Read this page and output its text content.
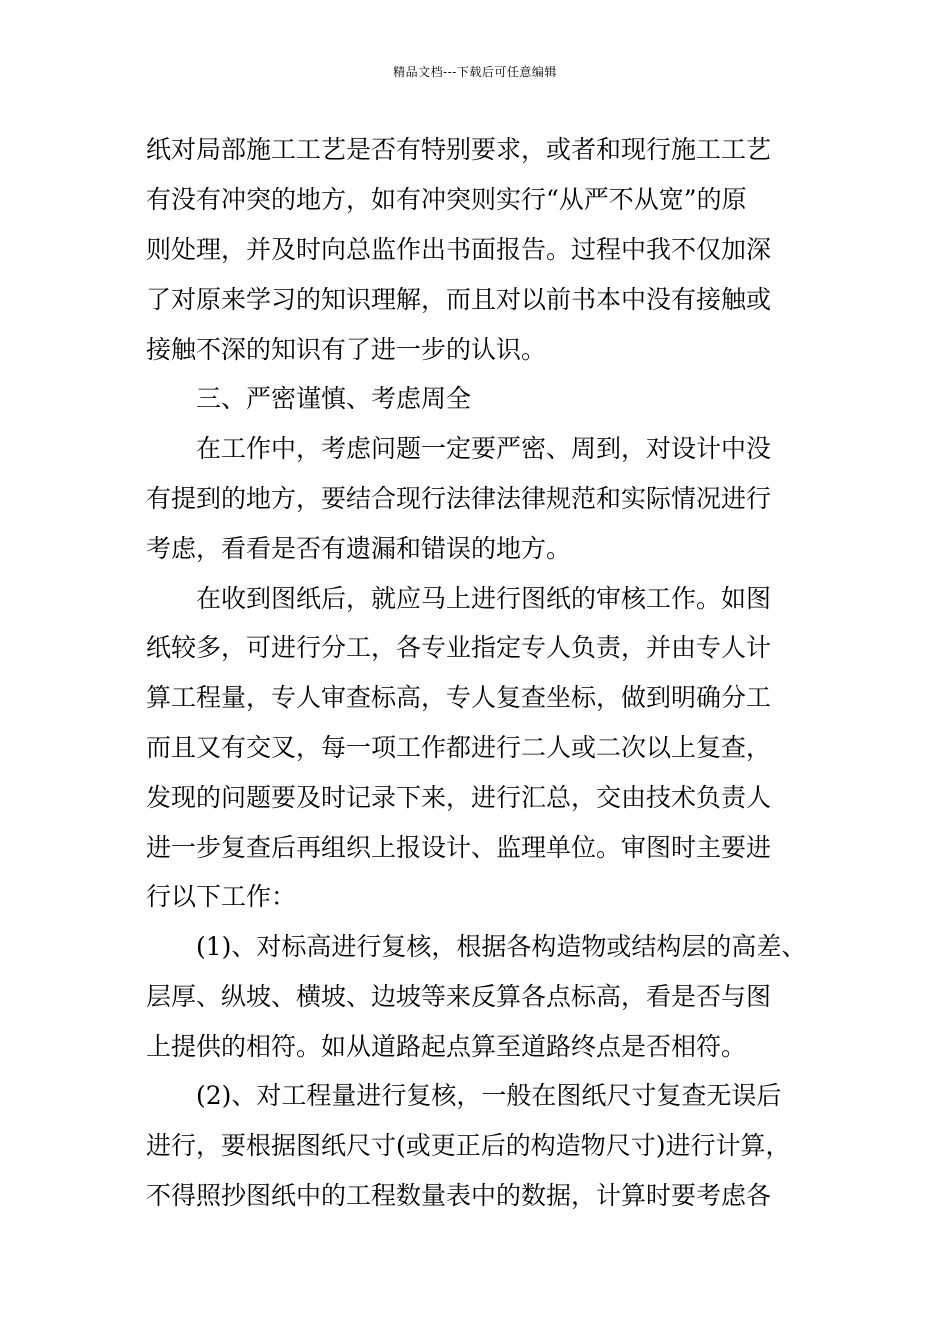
精品文档---下载后可任意编辑
纸对局部施工工艺是否有特别要求，或者和现行施工工艺
有没有冲突的地方，如有冲突则实行“从严不从宽”的原
则处理，并及时向总监作出书面报告。过程中我不仅加深
了对原来学习的知识理解，而且对以前书本中没有接触或
接触不深的知识有了进一步的认识。
三、严密谨慎、考虑周全
在工作中，考虑问题一定要严密、周到，对设计中没
有提到的地方，要结合现行法律法律规范和实际情况进行
考虑，看看是否有遗漏和错误的地方。
在收到图纸后，就应马上进行图纸的审核工作。如图
纸较多，可进行分工，各专业指定专人负责，并由专人计
算工程量，专人审查标高，专人复查坐标，做到明确分工
而且又有交叉，每一项工作都进行二人或二次以上复查，
发现的问题要及时记录下来，进行汇总，交由技术负责人
进一步复查后再组织上报设计、监理单位。审图时主要进
行以下工作：
(1)、对标高进行复核，根据各构造物或结构层的高差、
层厚、纵坡、横坡、边坡等来反算各点标高，看是否与图
上提供的相符。如从道路起点算至道路终点是否相符。
(2)、对工程量进行复核，一般在图纸尺寸复查无误后
进行，要根据图纸尺寸(或更正后的构造物尺寸)进行计算，
不得照抄图纸中的工程数量表中的数据，计算时要考虑各
